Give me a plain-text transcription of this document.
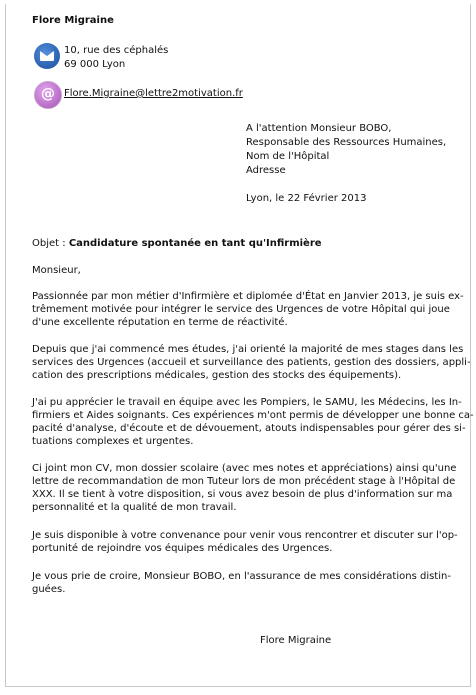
Flore Migraine
10, rue des céphalés
69 000 Lyon
@ Flore.Migraine@lettre2motivation.fr
A l'attention Monsieur BOBO,
Responsable des Ressources Humaines,
Nom de l'Hôpital
Adresse
Lyon, le 22 Février 2013
Objet : Candidature spontanée en tant qu'Infirmière
Monsieur,
Passionnée par mon métier d'Infirmière et diplomée d'État en Janvier 2013, je suis ex-
trêmement motivée pour intégrer le service des Urgences de votre Hôpital qui joue
d'une excellente réputation en terme de réactivité.
Depuis que j'ai commencé mes études, j'ai orienté la majorité de mes stages dans les
services des Urgences (accueil et surveillance des patients, gestion des dossiers, appli-
cation des prescriptions médicales, gestion des stocks des équipements).
J'ai pu apprécier le travail en équipe avec les Pompiers, le SAMU, les Médecins, les In-
firmiers et Aides soignants. Ces expériences m'ont permis de développer une bonne ca-
pacité d'analyse, d'écoute et de dévouement, atouts indispensables pour gérer des si-
tuations complexes et urgentes.
Ci joint mon CV, mon dossier scolaire (avec mes notes et appréciations) ainsi qu'une
lettre de recommandation de mon Tuteur lors de mon précédent stage à l'Hôpital de
XXX. Il se tient à votre disposition, si vous avez besoin de plus d'information sur ma
personnalité et la qualité de mon travail.
Je suis disponible à votre convenance pour venir vous rencontrer et discuter sur l'op-
portunité de rejoindre vos équipes médicales des Urgences.
Je vous prie de croire, Monsieur BOBO, en l'assurance de mes considérations distin-
guées.
Flore Migraine
